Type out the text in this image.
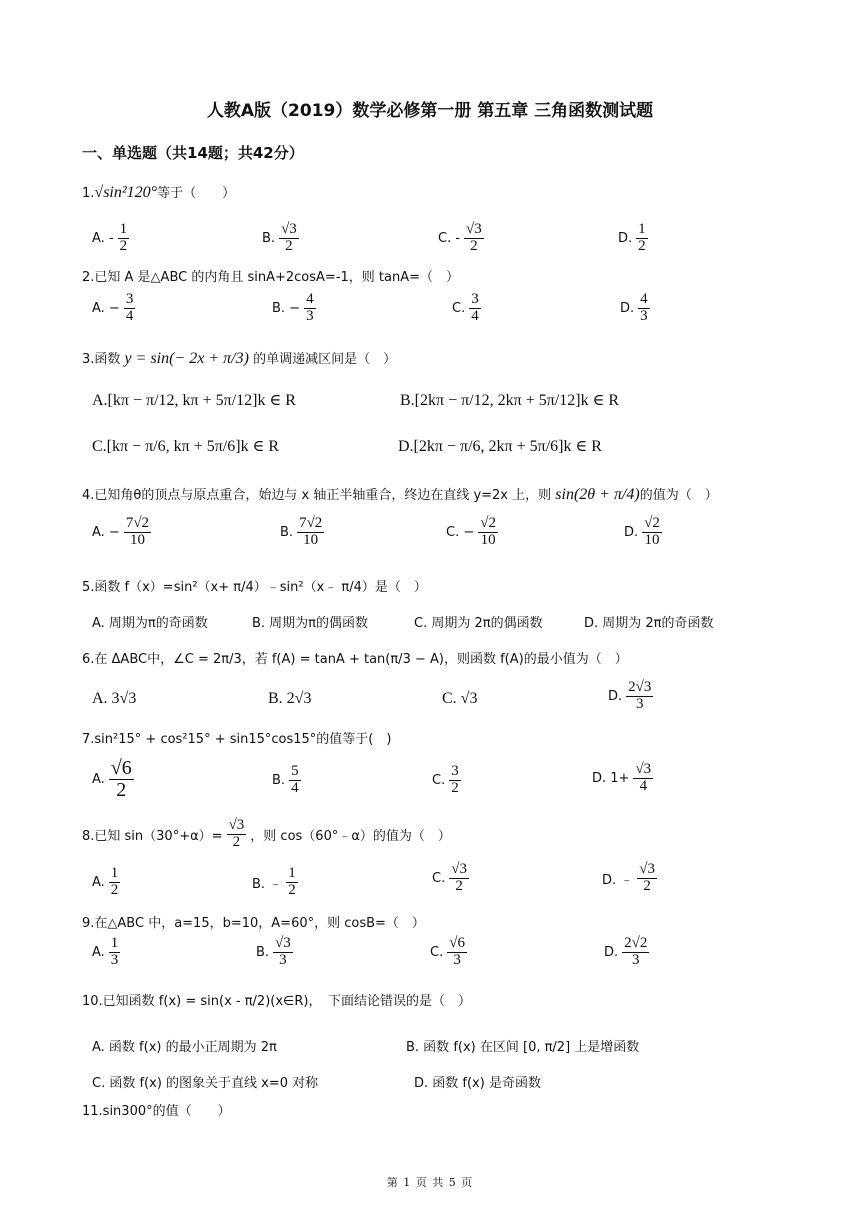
人教A版（2019）数学必修第一册 第五章 三角函数测试题
一、单选题（共14题；共42分）
1.√sin²120°等于（　　）
A. - $\frac{1}{2}$	B. $\frac{√3}{2}$	C. - $\frac{√3}{2}$	D. $\frac{1}{2}$
2.已知 A 是△ABC 的内角且 sinA+2cosA=-1，则 tanA=（　）
A. − $\frac{3}{4}$	B. − $\frac{4}{3}$	C. $\frac{3}{4}$	D. $\frac{4}{3}$
3.函数 y = sin(− 2x + π/3) 的单调递减区间是（　）
A.[kπ − π/12, kπ + 5π/12]k ∈ R	B.[2kπ − π/12, 2kπ + 5π/12]k ∈ R
C.[kπ − π/6, kπ + 5π/6]k ∈ R	D.[2kπ − π/6, 2kπ + 5π/6]k ∈ R
4.已知角θ的顶点与原点重合，始边与 x 轴正半轴重合，终边在直线 y=2x 上，则 sin(2θ + π/4)的值为（　）
A. − $\frac{7√2}{10}$	B. $\frac{7√2}{10}$	C. − $\frac{√2}{10}$	D. $\frac{√2}{10}$
5.函数 f（x）=sin²（x+ π/4）﹣sin²（x﹣ π/4）是（　）
A. 周期为π的奇函数	B. 周期为π的偶函数	C. 周期为 2π的偶函数	D. 周期为 2π的奇函数
6.在 ΔABC中，∠C = 2π/3，若 f(A) = tanA + tan(π/3 − A)，则函数 f(A)的最小值为（　）
A. 3√3	B. 2√3	C. √3	D. $\frac{2√3}{3}$
7.sin²15° + cos²15° + sin15°cos15°的值等于(　)
A. $\frac{√6}{2}$	B. $\frac{5}{4}$	C. $\frac{3}{2}$	D. $1+ \frac{√3}{4}$
8.已知 $\sin(30^\circ+\alpha)= \frac{√3}{2}$ ，则 cos（60°﹣α）的值为（　）
A. $\frac{1}{2}$	B. ﹣ $\frac{1}{2}$	C. $\frac{√3}{2}$	D. ﹣ $\frac{√3}{2}$
9.在△ABC 中，a=15，b=10，A=60°，则 cosB=（　）
A. $\frac{1}{3}$	B. $\frac{√3}{3}$	C. $\frac{√6}{3}$	D. $\frac{2√2}{3}$
10.已知函数 f(x) = sin(x - π/2)(x∈R)，　下面结论错误的是（　）
A. 函数 f(x) 的最小正周期为 2π	B. 函数 f(x) 在区间 [0, π/2] 上是增函数
C. 函数 f(x) 的图象关于直线 x=0 对称	D. 函数 f(x) 是奇函数
11.sin300°的值（　　）
第 1 页 共 5 页
